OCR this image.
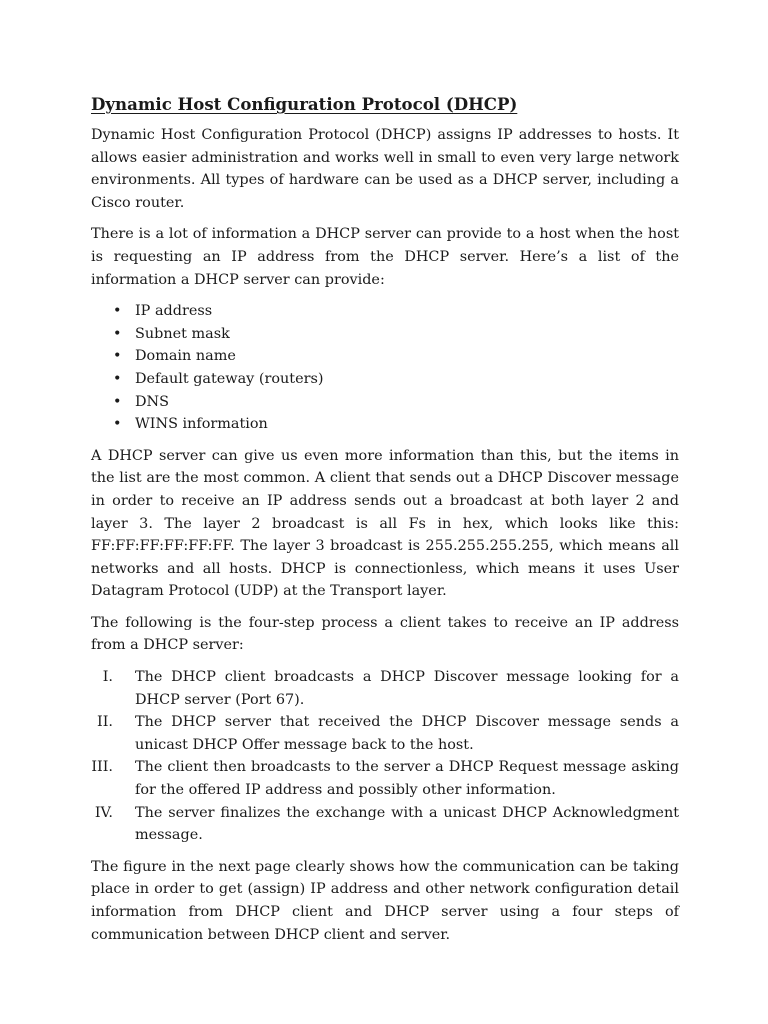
Dynamic Host Configuration Protocol (DHCP)

Dynamic Host Configuration Protocol (DHCP) assigns IP addresses to hosts. It allows easier administration and works well in small to even very large network environments. All types of hardware can be used as a DHCP server, including a Cisco router.

There is a lot of information a DHCP server can provide to a host when the host is requesting an IP address from the DHCP server. Here’s a list of the information a DHCP server can provide:

• IP address
• Subnet mask
• Domain name
• Default gateway (routers)
• DNS
• WINS information

A DHCP server can give us even more information than this, but the items in the list are the most common. A client that sends out a DHCP Discover message in order to receive an IP address sends out a broadcast at both layer 2 and layer 3. The layer 2 broadcast is all Fs in hex, which looks like this: FF:FF:FF:FF:FF:FF. The layer 3 broadcast is 255.255.255.255, which means all networks and all hosts. DHCP is connectionless, which means it uses User Datagram Protocol (UDP) at the Transport layer.

The following is the four-step process a client takes to receive an IP address from a DHCP server:

I. The DHCP client broadcasts a DHCP Discover message looking for a DHCP server (Port 67).
II. The DHCP server that received the DHCP Discover message sends a unicast DHCP Offer message back to the host.
III. The client then broadcasts to the server a DHCP Request message asking for the offered IP address and possibly other information.
IV. The server finalizes the exchange with a unicast DHCP Acknowledgment message.

The figure in the next page clearly shows how the communication can be taking place in order to get (assign) IP address and other network configuration detail information from DHCP client and DHCP server using a four steps of communication between DHCP client and server.
